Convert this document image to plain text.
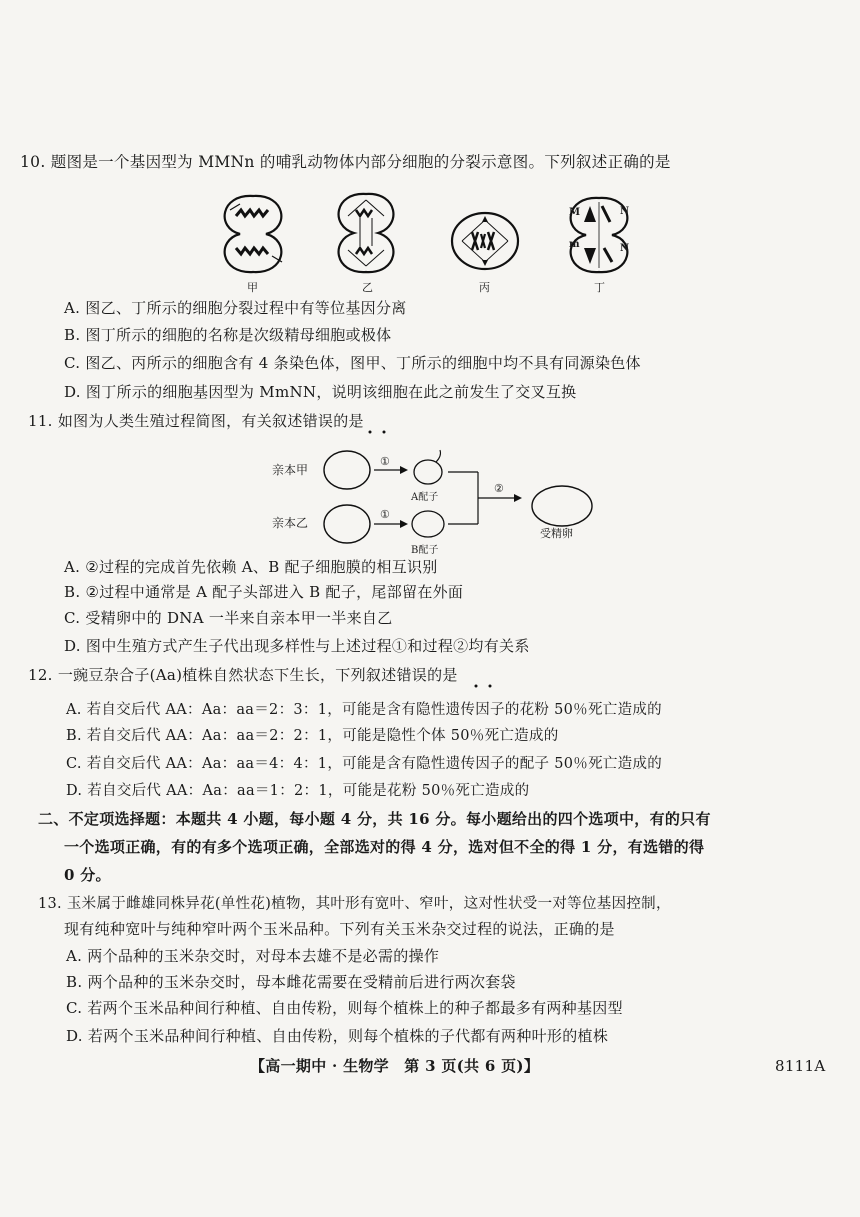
10. 题图是一个基因型为 MMNn 的哺乳动物体内部分细胞的分裂示意图。下列叙述正确的是
M	N
m	N
甲	乙	丙	丁
A. 图乙、丁所示的细胞分裂过程中有等位基因分离
B. 图丁所示的细胞的名称是次级精母细胞或极体
C. 图乙、丙所示的细胞含有 4 条染色体，图甲、丁所示的细胞中均不具有同源染色体
D. 图丁所示的细胞基因型为 MmNN，说明该细胞在此之前发生了交叉互换
11. 如图为人类生殖过程简图，有关叙述错误的是
亲本甲
亲本乙
①
①
②
A配子
B配子
受精卵
A. ②过程的完成首先依赖 A、B 配子细胞膜的相互识别
B. ②过程中通常是 A 配子头部进入 B 配子，尾部留在外面
C. 受精卵中的 DNA 一半来自亲本甲一半来自乙
D. 图中生殖方式产生子代出现多样性与上述过程①和过程②均有关系
12. 一豌豆杂合子(Aa)植株自然状态下生长，下列叙述错误的是
A. 若自交后代 AA：Aa：aa＝2：3：1，可能是含有隐性遗传因子的花粉 50％死亡造成的
B. 若自交后代 AA：Aa：aa＝2：2：1，可能是隐性个体 50％死亡造成的
C. 若自交后代 AA：Aa：aa＝4：4：1，可能是含有隐性遗传因子的配子 50％死亡造成的
D. 若自交后代 AA：Aa：aa＝1：2：1，可能是花粉 50％死亡造成的
二、不定项选择题：本题共 4 小题，每小题 4 分，共 16 分。每小题给出的四个选项中，有的只有
一个选项正确，有的有多个选项正确，全部选对的得 4 分，选对但不全的得 1 分，有选错的得
0 分。
13. 玉米属于雌雄同株异花(单性花)植物，其叶形有宽叶、窄叶，这对性状受一对等位基因控制，
现有纯种宽叶与纯种窄叶两个玉米品种。下列有关玉米杂交过程的说法，正确的是
A. 两个品种的玉米杂交时，对母本去雄不是必需的操作
B. 两个品种的玉米杂交时，母本雌花需要在受精前后进行两次套袋
C. 若两个玉米品种间行种植、自由传粉，则每个植株上的种子都最多有两种基因型
D. 若两个玉米品种间行种植、自由传粉，则每个植株的子代都有两种叶形的植株
【高一期中 · 生物学　第 3 页(共 6 页)】	8111A
